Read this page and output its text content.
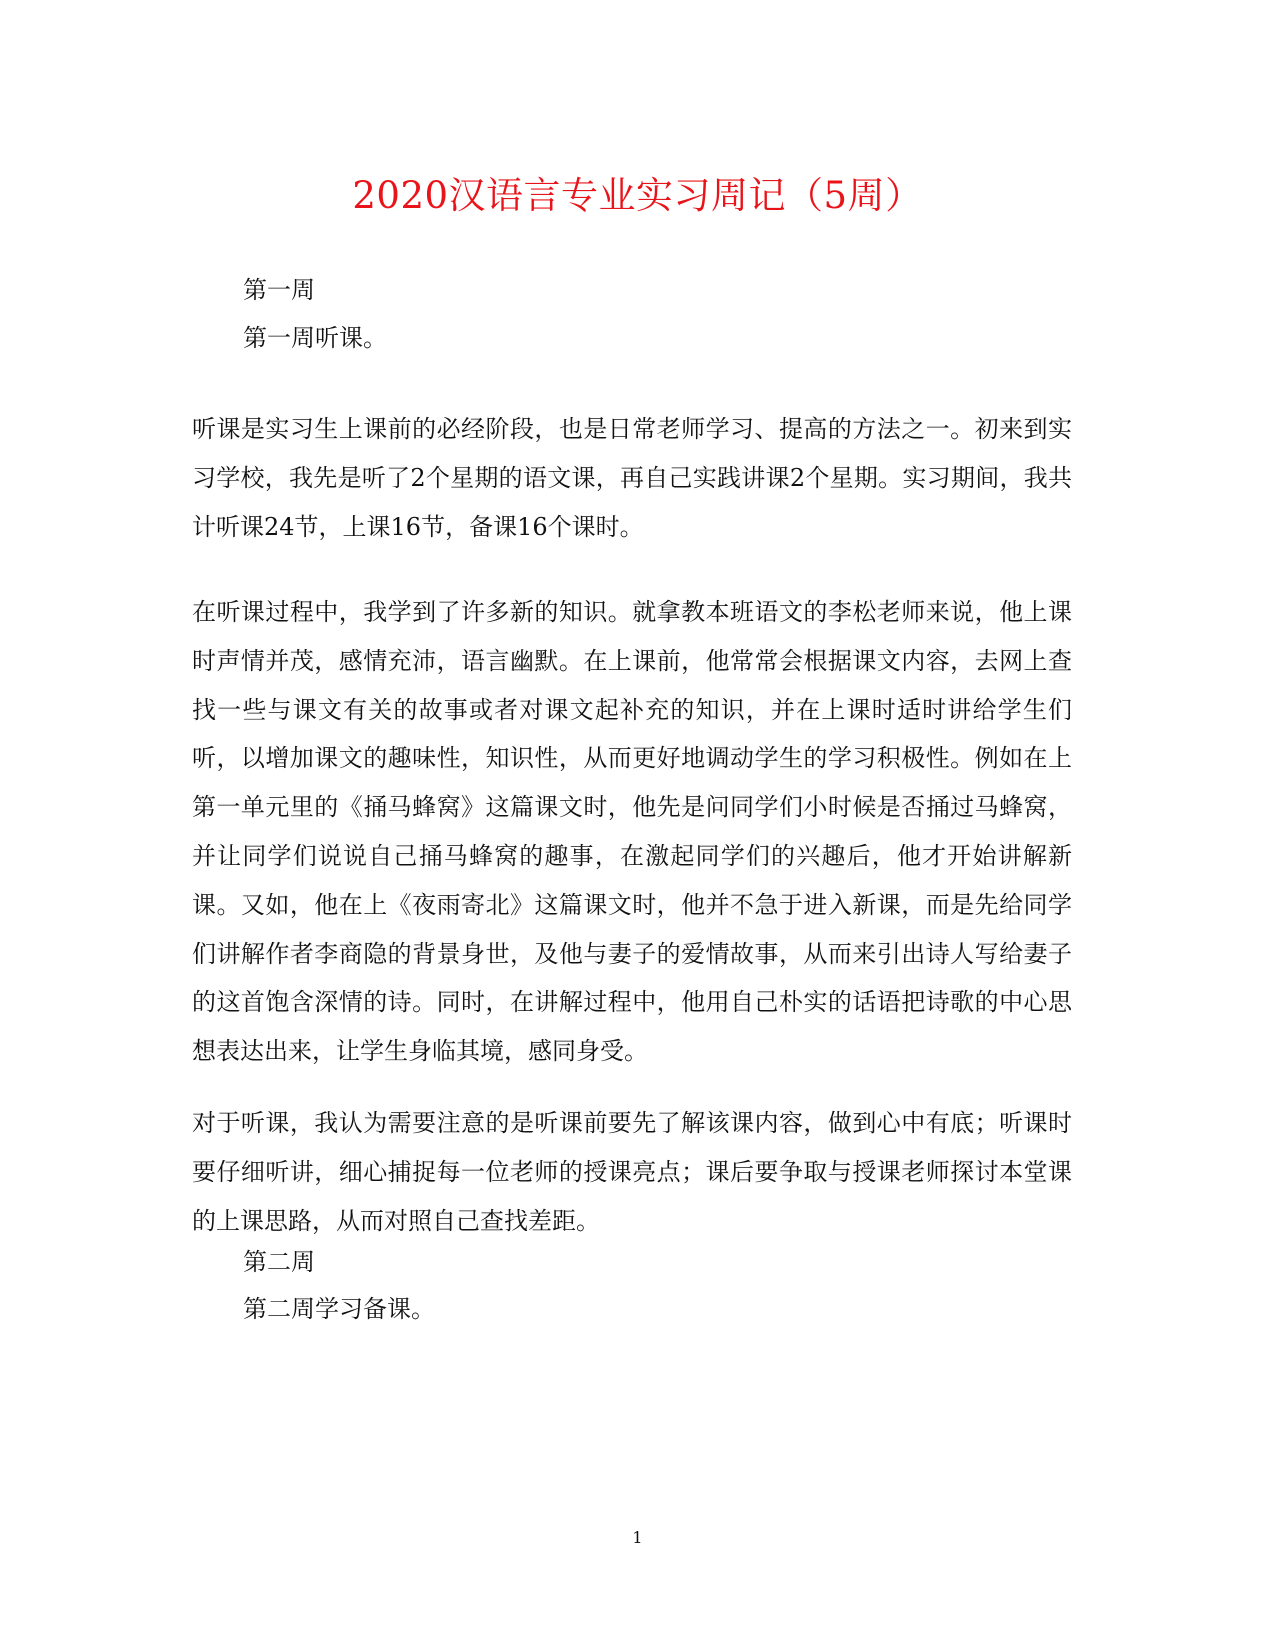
2020汉语言专业实习周记（5周）

第一周

第一周听课。

听课是实习生上课前的必经阶段，也是日常老师学习、提高的方法之一。初来到实习学校，我先是听了2个星期的语文课，再自己实践讲课2个星期。实习期间，我共计听课24节，上课16节，备课16个课时。

在听课过程中，我学到了许多新的知识。就拿教本班语文的李松老师来说，他上课时声情并茂，感情充沛，语言幽默。在上课前，他常常会根据课文内容，去网上查找一些与课文有关的故事或者对课文起补充的知识，并在上课时适时讲给学生们听，以增加课文的趣味性，知识性，从而更好地调动学生的学习积极性。例如在上第一单元里的《捅马蜂窝》这篇课文时，他先是问同学们小时候是否捅过马蜂窝，并让同学们说说自己捅马蜂窝的趣事，在激起同学们的兴趣后，他才开始讲解新课。又如，他在上《夜雨寄北》这篇课文时，他并不急于进入新课，而是先给同学们讲解作者李商隐的背景身世，及他与妻子的爱情故事，从而来引出诗人写给妻子的这首饱含深情的诗。同时，在讲解过程中，他用自己朴实的话语把诗歌的中心思想表达出来，让学生身临其境，感同身受。

对于听课，我认为需要注意的是听课前要先了解该课内容，做到心中有底；听课时要仔细听讲，细心捕捉每一位老师的授课亮点；课后要争取与授课老师探讨本堂课的上课思路，从而对照自己查找差距。

第二周

第二周学习备课。

1
